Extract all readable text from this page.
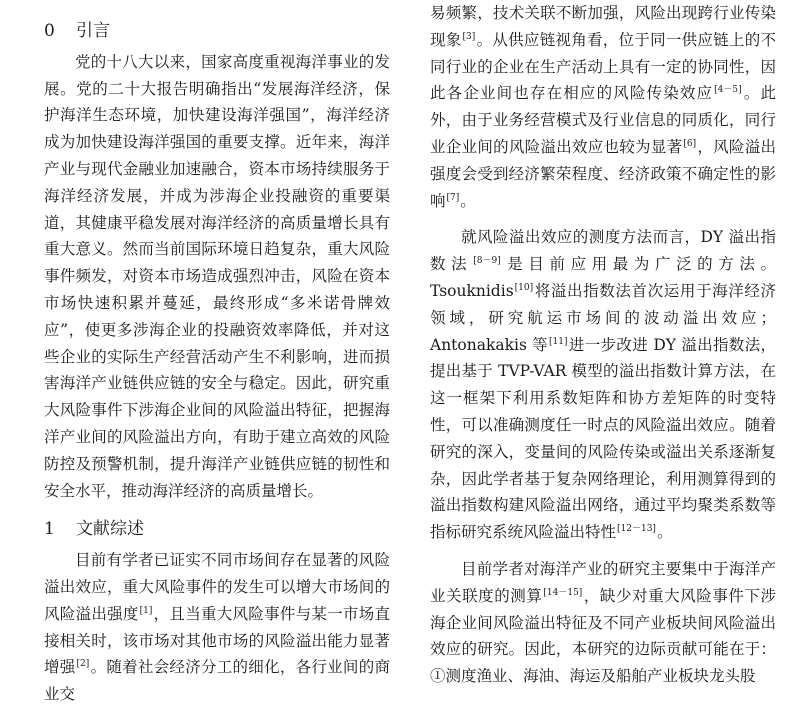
0 引言

党的十八大以来，国家高度重视海洋事业的发展。党的二十大报告明确指出“发展海洋经济，保护海洋生态环境，加快建设海洋强国”，海洋经济成为加快建设海洋强国的重要支撑。近年来，海洋产业与现代金融业加速融合，资本市场持续服务于海洋经济发展，并成为涉海企业投融资的重要渠道，其健康平稳发展对海洋经济的高质量增长具有重大意义。然而当前国际环境日趋复杂，重大风险事件频发，对资本市场造成强烈冲击，风险在资本市场快速积累并蔓延，最终形成“多米诺骨牌效应”，使更多涉海企业的投融资效率降低，并对这些企业的实际生产经营活动产生不利影响，进而损害海洋产业链供应链的安全与稳定。因此，研究重大风险事件下涉海企业间的风险溢出特征，把握海洋产业间的风险溢出方向，有助于建立高效的风险防控及预警机制，提升海洋产业链供应链的韧性和安全水平，推动海洋经济的高质量增长。

1 文献综述

目前有学者已证实不同市场间存在显著的风险溢出效应，重大风险事件的发生可以增大市场间的风险溢出强度[1]，且当重大风险事件与某一市场直接相关时，该市场对其他市场的风险溢出能力显著增强[2]。随着社会经济分工的细化，各行业间的商业交

易频繁，技术关联不断加强，风险出现跨行业传染现象[3]。从供应链视角看，位于同一供应链上的不同行业的企业在生产活动上具有一定的协同性，因此各企业间也存在相应的风险传染效应[4－5]。此外，由于业务经营模式及行业信息的同质化，同行业企业间的风险溢出效应也较为显著[6]，风险溢出强度会受到经济繁荣程度、经济政策不确定性的影响[7]。

就风险溢出效应的测度方法而言，DY 溢出指数法[8－9]是目前应用最为广泛的方法。Tsouknidis[10]将溢出指数法首次运用于海洋经济领域，研究航运市场间的波动溢出效应；Antonakakis 等[11]进一步改进 DY 溢出指数法，提出基于 TVP-VAR 模型的溢出指数计算方法，在这一框架下利用系数矩阵和协方差矩阵的时变特性，可以准确测度任一时点的风险溢出效应。随着研究的深入，变量间的风险传染或溢出关系逐渐复杂，因此学者基于复杂网络理论，利用测算得到的溢出指数构建风险溢出网络，通过平均聚类系数等指标研究系统风险溢出特性[12－13]。

目前学者对海洋产业的研究主要集中于海洋产业关联度的测算[14－15]，缺少对重大风险事件下涉海企业间风险溢出特征及不同产业板块间风险溢出效应的研究。因此，本研究的边际贡献可能在于：①测度渔业、海油、海运及船舶产业板块龙头股
